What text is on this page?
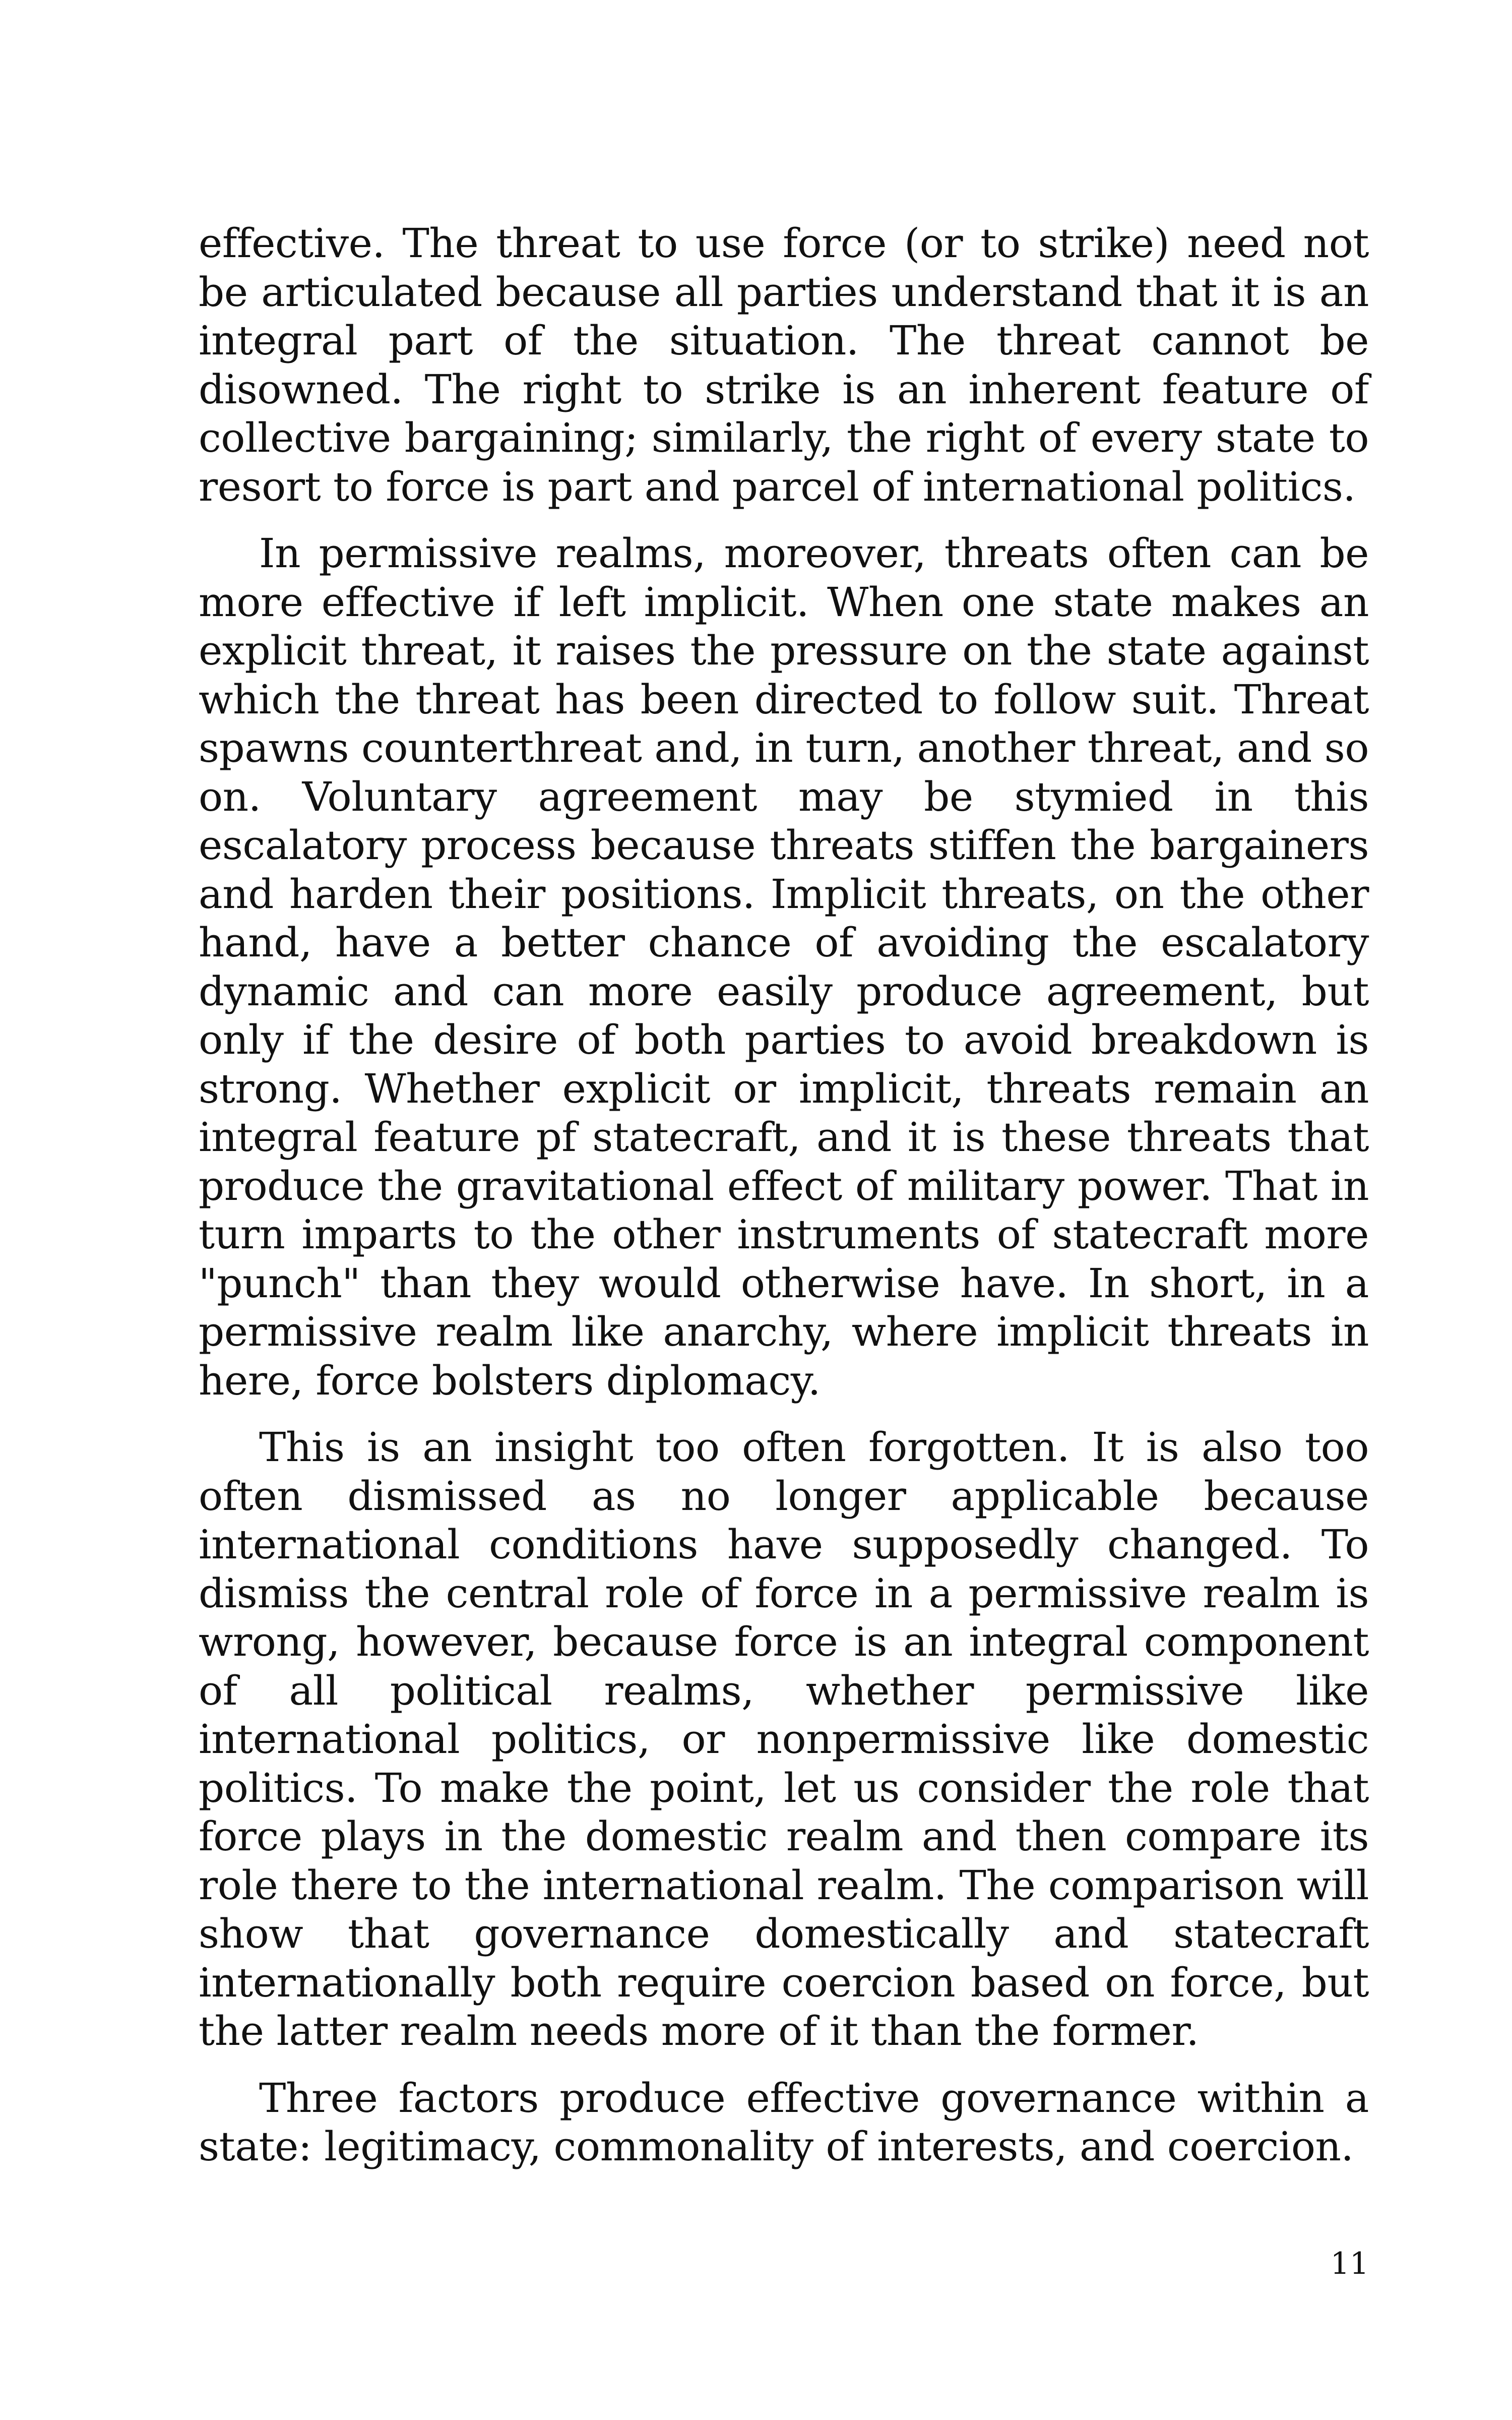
effective. The threat to use force (or to strike) need not be articulated because all parties understand that it is an integral part of the situation. The threat cannot be disowned. The right to strike is an inherent feature of collective bargaining; similarly, the right of every state to resort to force is part and parcel of international politics.

In permissive realms, moreover, threats often can be more effective if left implicit. When one state makes an explicit threat, it raises the pressure on the state against which the threat has been directed to follow suit. Threat spawns counterthreat and, in turn, another threat, and so on. Voluntary agreement may be stymied in this escalatory process because threats stiffen the bargainers and harden their positions. Implicit threats, on the other hand, have a better chance of avoiding the escalatory dynamic and can more easily produce agreement, but only if the desire of both parties to avoid breakdown is strong. Whether explicit or implicit, threats remain an integral feature pf statecraft, and it is these threats that produce the gravitational effect of military power. That in turn imparts to the other instruments of statecraft more "punch" than they would otherwise have. In short, in a permissive realm like anarchy, where implicit threats in here, force bolsters diplomacy.

This is an insight too often forgotten. It is also too often dismissed as no longer applicable because international conditions have supposedly changed. To dismiss the central role of force in a permissive realm is wrong, however, because force is an integral component of all political realms, whether permissive like international politics, or nonpermissive like domestic politics. To make the point, let us consider the role that force plays in the domestic realm and then compare its role there to the international realm. The comparison will show that governance domestically and statecraft internationally both require coercion based on force, but the latter realm needs more of it than the former.

Three factors produce effective governance within a state: legitimacy, commonality of interests, and coercion.

11
